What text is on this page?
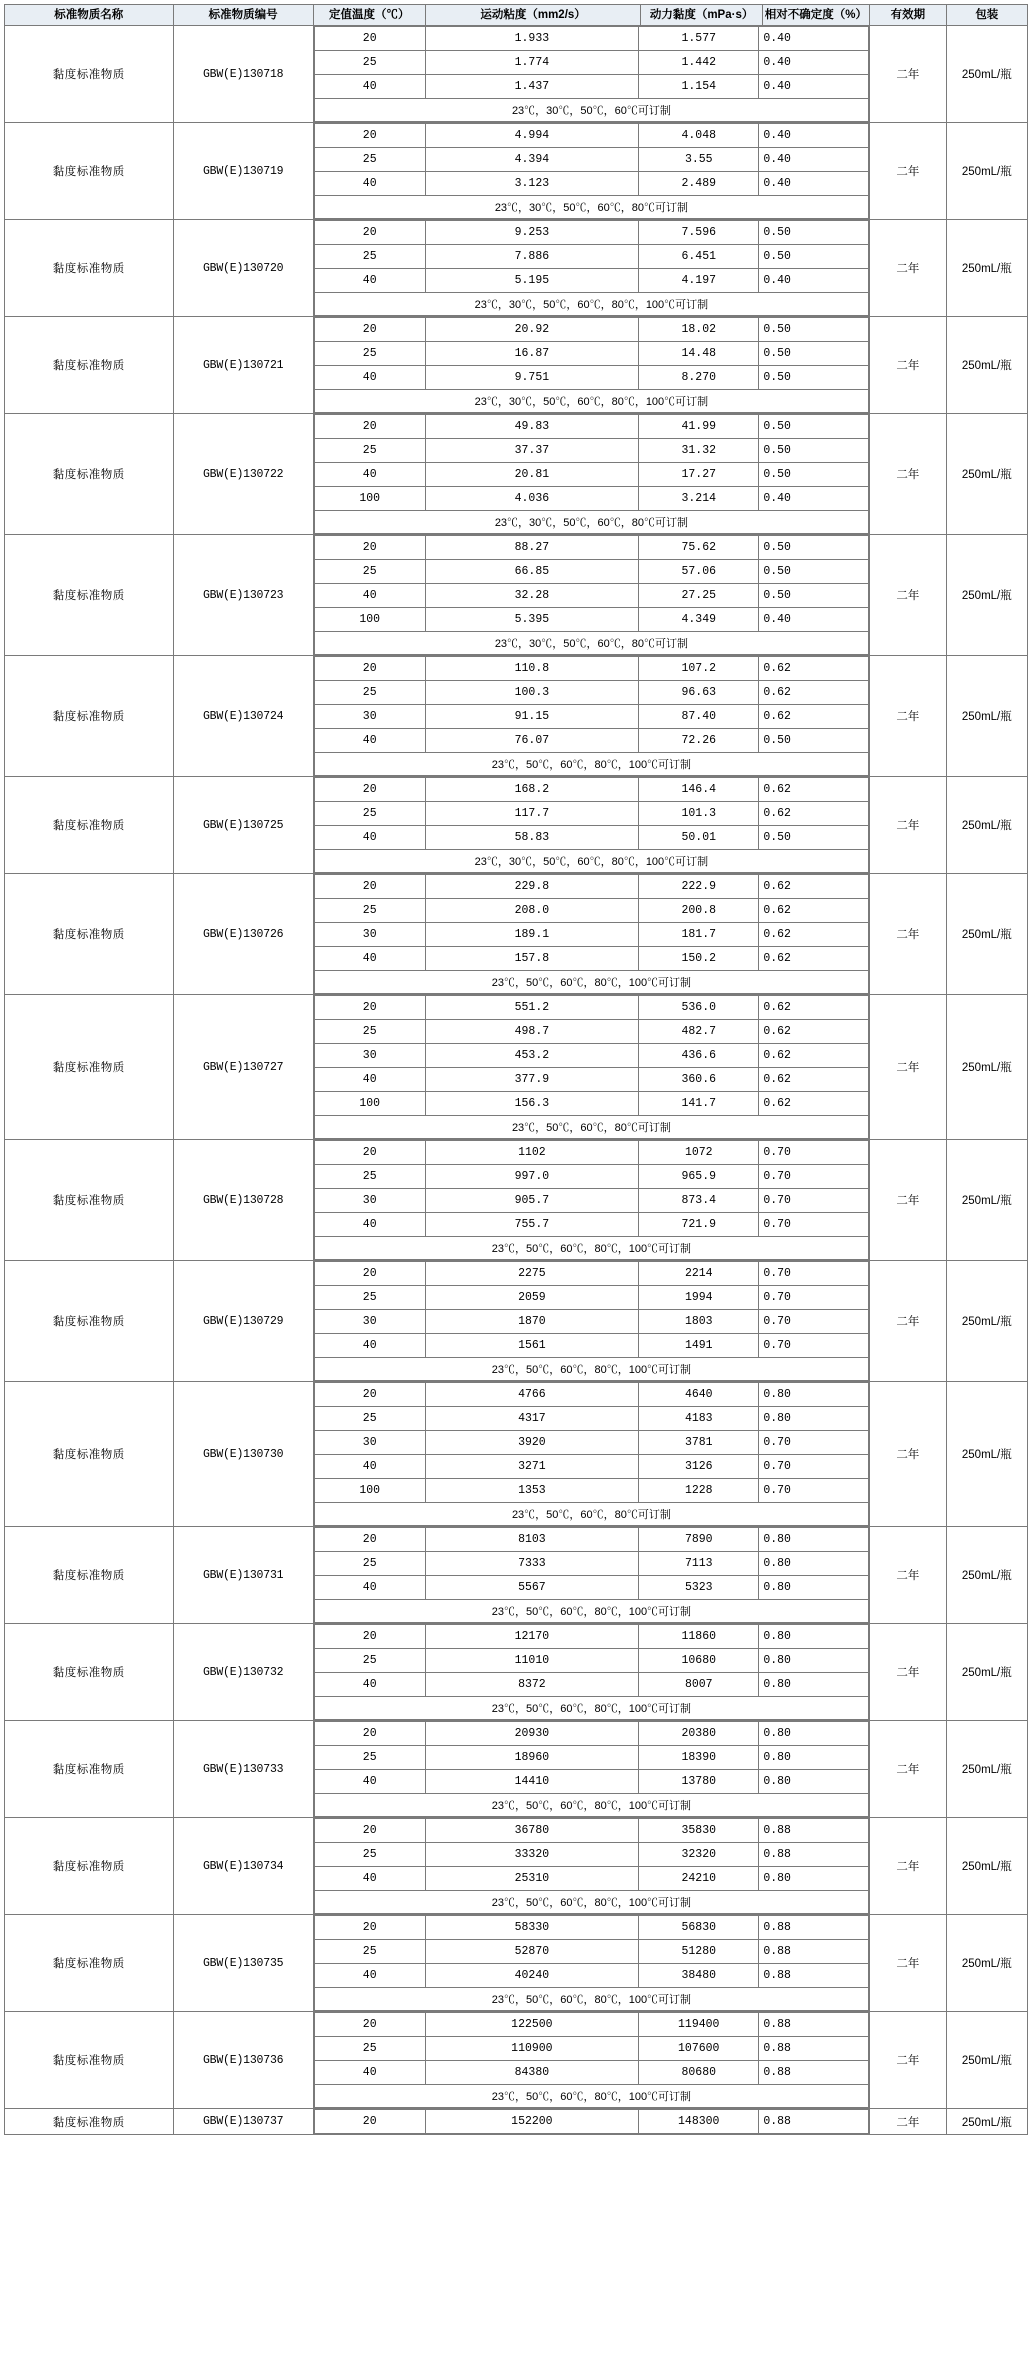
标准物质名称	标准物质编号	定值温度（℃）	运动粘度（mm2/s）	动力黏度（mPa·s）	相对不确定度（%）	有效期	包装
黏度标准物质	GBW(E)130718	
20	1.933	1.577	0.40
25	1.774	1.442	0.40
40	1.437	1.154	0.40
23℃，30℃，50℃，60℃可订制
	二年	250mL/瓶
黏度标准物质	GBW(E)130719	
20	4.994	4.048	0.40
25	4.394	3.55	0.40
40	3.123	2.489	0.40
23℃，30℃，50℃，60℃，80℃可订制
	二年	250mL/瓶
黏度标准物质	GBW(E)130720	
20	9.253	7.596	0.50
25	7.886	6.451	0.50
40	5.195	4.197	0.40
23℃，30℃，50℃，60℃，80℃，100℃可订制
	二年	250mL/瓶
黏度标准物质	GBW(E)130721	
20	20.92	18.02	0.50
25	16.87	14.48	0.50
40	9.751	8.270	0.50
23℃，30℃，50℃，60℃，80℃，100℃可订制
	二年	250mL/瓶
黏度标准物质	GBW(E)130722	
20	49.83	41.99	0.50
25	37.37	31.32	0.50
40	20.81	17.27	0.50
100	4.036	3.214	0.40
23℃，30℃，50℃，60℃，80℃可订制
	二年	250mL/瓶
黏度标准物质	GBW(E)130723	
20	88.27	75.62	0.50
25	66.85	57.06	0.50
40	32.28	27.25	0.50
100	5.395	4.349	0.40
23℃，30℃，50℃，60℃，80℃可订制
	二年	250mL/瓶
黏度标准物质	GBW(E)130724	
20	110.8	107.2	0.62
25	100.3	96.63	0.62
30	91.15	87.40	0.62
40	76.07	72.26	0.50
23℃，50℃，60℃，80℃，100℃可订制
	二年	250mL/瓶
黏度标准物质	GBW(E)130725	
20	168.2	146.4	0.62
25	117.7	101.3	0.62
40	58.83	50.01	0.50
23℃，30℃，50℃，60℃，80℃，100℃可订制
	二年	250mL/瓶
黏度标准物质	GBW(E)130726	
20	229.8	222.9	0.62
25	208.0	200.8	0.62
30	189.1	181.7	0.62
40	157.8	150.2	0.62
23℃，50℃，60℃，80℃，100℃可订制
	二年	250mL/瓶
黏度标准物质	GBW(E)130727	
20	551.2	536.0	0.62
25	498.7	482.7	0.62
30	453.2	436.6	0.62
40	377.9	360.6	0.62
100	156.3	141.7	0.62
23℃，50℃，60℃，80℃可订制
	二年	250mL/瓶
黏度标准物质	GBW(E)130728	
20	1102	1072	0.70
25	997.0	965.9	0.70
30	905.7	873.4	0.70
40	755.7	721.9	0.70
23℃，50℃，60℃，80℃，100℃可订制
	二年	250mL/瓶
黏度标准物质	GBW(E)130729	
20	2275	2214	0.70
25	2059	1994	0.70
30	1870	1803	0.70
40	1561	1491	0.70
23℃，50℃，60℃，80℃，100℃可订制
	二年	250mL/瓶
黏度标准物质	GBW(E)130730	
20	4766	4640	0.80
25	4317	4183	0.80
30	3920	3781	0.70
40	3271	3126	0.70
100	1353	1228	0.70
23℃，50℃，60℃，80℃可订制
	二年	250mL/瓶
黏度标准物质	GBW(E)130731	
20	8103	7890	0.80
25	7333	7113	0.80
40	5567	5323	0.80
23℃，50℃，60℃，80℃，100℃可订制
	二年	250mL/瓶
黏度标准物质	GBW(E)130732	
20	12170	11860	0.80
25	11010	10680	0.80
40	8372	8007	0.80
23℃，50℃，60℃，80℃，100℃可订制
	二年	250mL/瓶
黏度标准物质	GBW(E)130733	
20	20930	20380	0.80
25	18960	18390	0.80
40	14410	13780	0.80
23℃，50℃，60℃，80℃，100℃可订制
	二年	250mL/瓶
黏度标准物质	GBW(E)130734	
20	36780	35830	0.88
25	33320	32320	0.88
40	25310	24210	0.80
23℃，50℃，60℃，80℃，100℃可订制
	二年	250mL/瓶
黏度标准物质	GBW(E)130735	
20	58330	56830	0.88
25	52870	51280	0.88
40	40240	38480	0.88
23℃，50℃，60℃，80℃，100℃可订制
	二年	250mL/瓶
黏度标准物质	GBW(E)130736	
20	122500	119400	0.88
25	110900	107600	0.88
40	84380	80680	0.88
23℃，50℃，60℃，80℃，100℃可订制
	二年	250mL/瓶
黏度标准物质	GBW(E)130737		20	152200	148300	0.88
		二年	250mL/瓶
